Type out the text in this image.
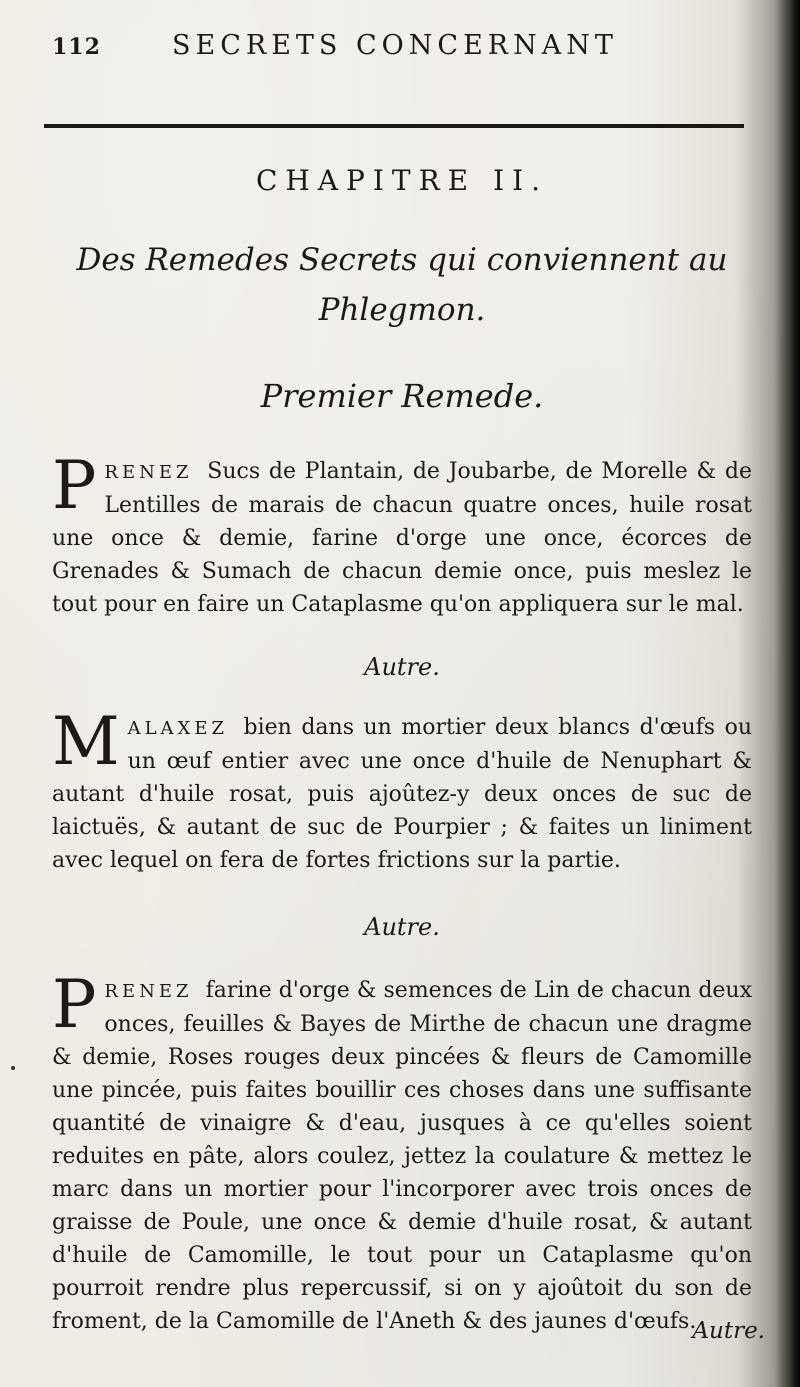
112	SECRETS CONCERNANT
CHAPITRE II.
Des Remedes Secrets qui conviennent au Phlegmon.
Premier Remede.

P RENEZ Sucs de Plantain, de Joubarbe, de Morelle & de Lentilles de marais de chacun quatre onces, huile rosat une once & demie, farine d'orge une once, écorces de Grenades & Sumach de chacun demie once, puis meslez le tout pour en faire un Cataplasme qu'on appliquera sur le mal.

Autre.

M ALAXEZ bien dans un mortier deux blancs d'œufs ou un œuf entier avec une once d'huile de Nenuphart & autant d'huile rosat, puis ajoûtez-y deux onces de suc de laictuës, & autant de suc de Pourpier ; & faites un liniment avec lequel on fera de fortes frictions sur la partie.

Autre.

P RENEZ farine d'orge & semences de Lin de chacun deux onces, feuilles & Bayes de Mirthe de chacun une dragme & demie, Roses rouges deux pincées & fleurs de Camomille une pincée, puis faites bouillir ces choses dans une suffisante quantité de vinaigre & d'eau, jusques à ce qu'elles soient reduites en pâte, alors coulez, jettez la coulature & mettez le marc dans un mortier pour l'incorporer avec trois onces de graisse de Poule, une once & demie d'huile rosat, & autant d'huile de Camomille, le tout pour un Cataplasme qu'on pourroit rendre plus repercussif, si on y ajoûtoit du son de froment, de la Camomille de l'Aneth & des jaunes d'œufs.

Autre.
